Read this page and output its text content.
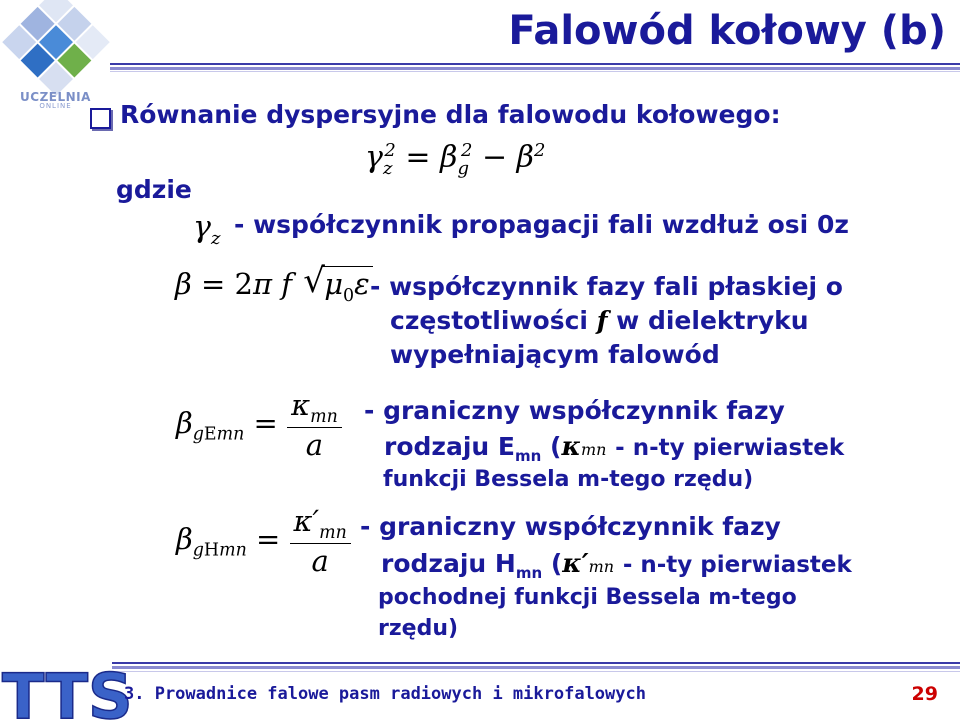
UCZELNIA
ONLINE
Falowód kołowy (b)
Równanie dyspersyjne dla falowodu kołowego:
$\gamma_z^2 = \beta_g^2 - \beta^2$
gdzie
$\gamma_z$ - współczynnik propagacji fali wzdłuż osi 0z
β = 2π f √ $\mu_0\varepsilon$ - współczynnik fazy fali płaskiej o
częstotliwości f w dielektryku
wypełniającym falowód
$\beta_{gEmn} = \frac{\kappa_{mn}}{a}$ - graniczny współczynnik fazy
rodzaju $E_{mn}$ (κmn - n-ty pierwiastek
funkcji Bessela m-tego rzędu)
$\beta_{gHmn} = \frac{\kappa'_{mn}}{a}$ - graniczny współczynnik fazy
rodzaju $H_{mn}$ (κ′mn - n-ty pierwiastek
pochodnej funkcji Bessela m-tego
rzędu)
TTS
3. Prowadnice falowe pasm radiowych i mikrofalowych	29
